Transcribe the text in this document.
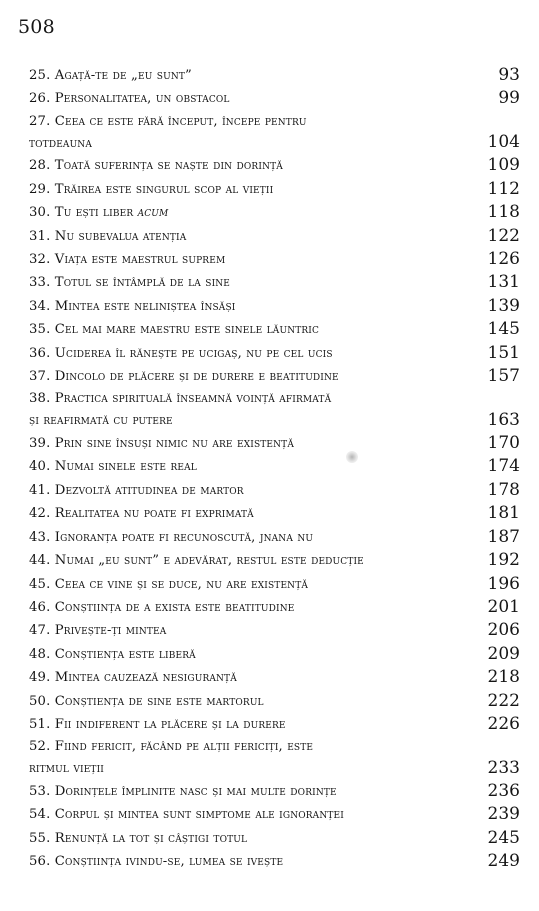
508
25. Agață-te de „eu sunt”	93
26. Personalitatea, un obstacol	99
27. Ceea ce este fără început, începe pentru
totdeauna	104
28. Toată suferința se naște din dorință	109
29. Trăirea este singurul scop al vieții	112
30. Tu ești liber acum	118
31. Nu subevalua atenția	122
32. Viața este maestrul suprem	126
33. Totul se întâmplă de la sine	131
34. Mintea este neliniștea însăși	139
35. Cel mai mare maestru este sinele lăuntric	145
36. Uciderea îl rănește pe ucigaș, nu pe cel ucis	151
37. Dincolo de plăcere și de durere e beatitudine	157
38. Practica spirituală înseamnă voință afirmată
și reafirmată cu putere	163
39. Prin sine însuși nimic nu are existență	170
40. Numai sinele este real	174
41. Dezvoltă atitudinea de martor	178
42. Realitatea nu poate fi exprimată	181
43. Ignoranța poate fi recunoscută, jnana nu	187
44. Numai „eu sunt” e adevărat, restul este deducție	192
45. Ceea ce vine și se duce, nu are existență	196
46. Conștiința de a exista este beatitudine	201
47. Privește-ți mintea	206
48. Conștiența este liberă	209
49. Mintea cauzează nesiguranță	218
50. Conștiența de sine este martorul	222
51. Fii indiferent la plăcere și la durere	226
52. Fiind fericit, făcând pe alții fericiți, este
ritmul vieții	233
53. Dorințele împlinite nasc și mai multe dorințe	236
54. Corpul și mintea sunt simptome ale ignoranței	239
55. Renunță la tot și câștigi totul	245
56. Conștiința ivindu-se, lumea se ivește	249
